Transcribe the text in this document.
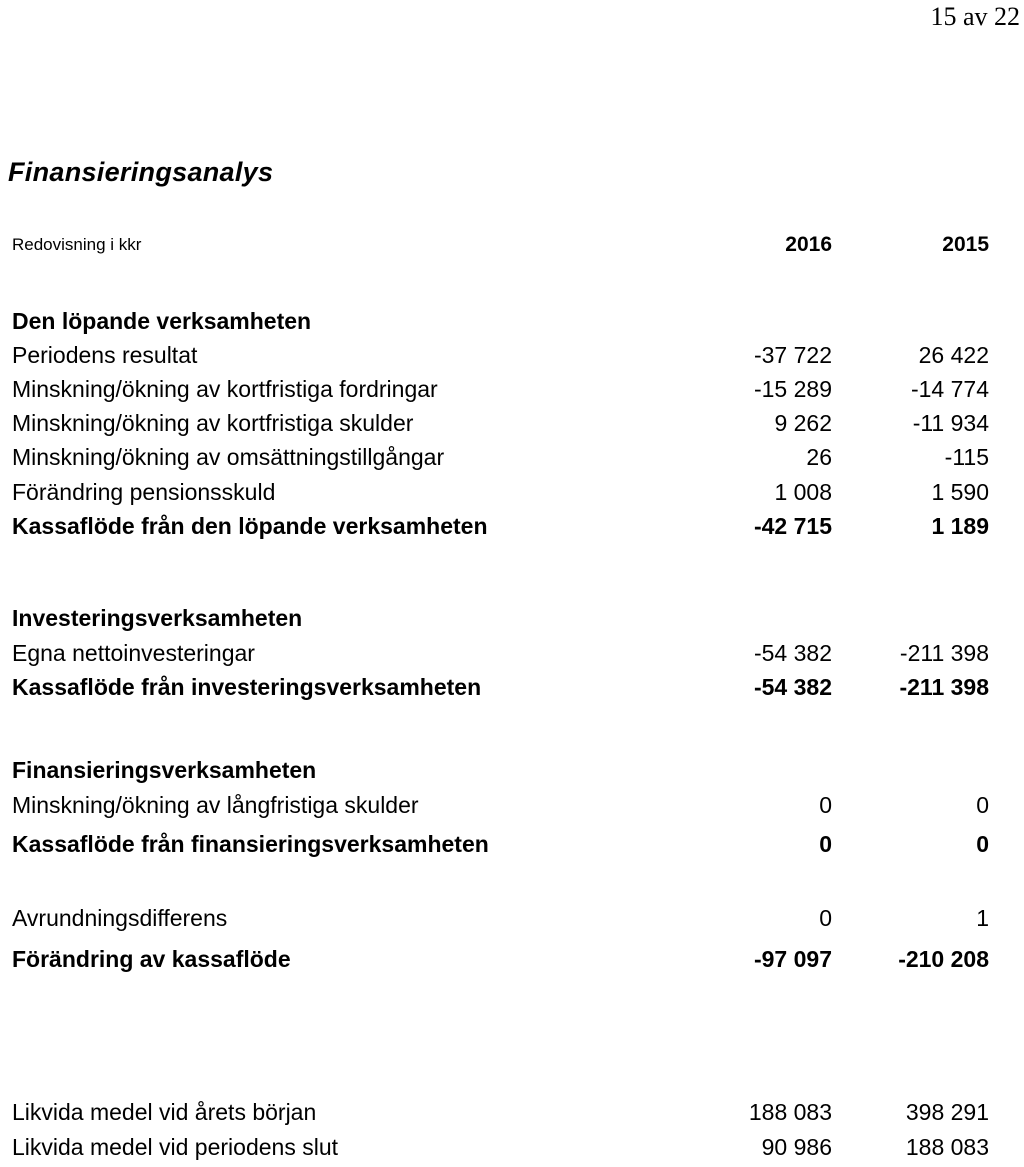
15 av 22
Finansieringsanalys
Redovisning i kkr	2016	2015
Den löpande verksamheten
Periodens resultat	-37 722	26 422
Minskning/ökning av kortfristiga fordringar	-15 289	-14 774
Minskning/ökning av kortfristiga skulder	9 262	-11 934
Minskning/ökning av omsättningstillgångar	26	-115
Förändring pensionsskuld	1 008	1 590
Kassaflöde från den löpande verksamheten	-42 715	1 189
Investeringsverksamheten
Egna nettoinvesteringar	-54 382	-211 398
Kassaflöde från investeringsverksamheten	-54 382	-211 398
Finansieringsverksamheten
Minskning/ökning av långfristiga skulder	0	0
Kassaflöde från finansieringsverksamheten	0	0
Avrundningsdifferens	0	1
Förändring av kassaflöde	-97 097	-210 208
Likvida medel vid årets början	188 083	398 291
Likvida medel vid periodens slut	90 986	188 083
